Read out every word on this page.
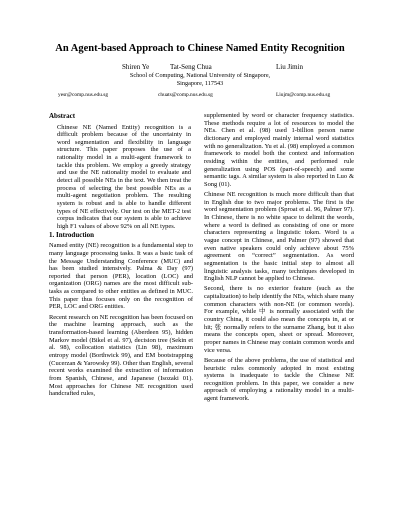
An Agent-based Approach to Chinese Named Entity Recognition
Shiren Ye	Tat-Seng Chua	Liu Jimin
School of Computing, National University of Singapore,
Singapore, 117543
yesr@comp.nus.edu.sg	chuats@comp.nus.edu.sg	Liujm@comp.nus.edu.sg

Abstract

Chinese NE (Named Entity) recognition is a difficult problem because of the uncertainty in word segmentation and flexibility in language structure. This paper proposes the use of a rationality model in a multi-agent framework to tackle this problem. We employ a greedy strategy and use the NE rationality model to evaluate and detect all possible NEs in the text. We then treat the process of selecting the best possible NEs as a multi-agent negotiation problem. The resulting system is robust and is able to handle different types of NE effectively. Our test on the MET-2 test corpus indicates that our system is able to achieve high F1 values of above 92% on all NE types.

1. Introduction

Named entity (NE) recognition is a fundamental step to many language processing tasks. It was a basic task of the Message Understanding Conference (MUC) and has been studied intensively. Palma & Day (97) reported that person (PER), location (LOC) and organization (ORG) names are the most difficult sub-tasks as compared to other entities as defined in MUC. This paper thus focuses only on the recognition of PER, LOC and ORG entities.

Recent research on NE recognition has been focused on the machine learning approach, such as the transformation-based learning (Aberdeen 95), hidden Markov model (Bikel et al. 97), decision tree (Sekin et al. 98), collocation statistics (Lin 98), maximum entropy model (Borthwick 99), and EM bootstrapping (Cucerzan & Yarowsky 99). Other than English, several recent works examined the extraction of information from Spanish, Chinese, and Japanese (Isozaki 01). Most approaches for Chinese NE recognition used handcrafted rules,

supplemented by word or character frequency statistics. These methods require a lot of resources to model the NEs. Chen et al. (98) used 1-billion person name dictionary and employed mainly internal word statistics with no generalization. Yu et al. (98) employed a common framework to model both the context and information residing within the entities, and performed rule generalization using POS (part-of-speech) and some semantic tags. A similar system is also reported in Luo & Song (01).

Chinese NE recognition is much more difficult than that in English due to two major problems. The first is the word segmentation problem (Sproat et al. 96, Palmer 97). In Chinese, there is no white space to delimit the words, where a word is defined as consisting of one or more characters representing a linguistic token. Word is a vague concept in Chinese, and Palmer (97) showed that even native speakers could only achieve about 75% agreement on “correct” segmentation. As word segmentation is the basic initial step to almost all linguistic analysis tasks, many techniques developed in English NLP cannot be applied to Chinese.

Second, there is no exterior feature (such as the capitalization) to help identify the NEs, which share many common characters with non-NE (or common words). For example, while 中 is normally associated with the country China, it could also mean the concepts in, at or hit; 张 normally refers to the surname Zhang, but it also means the concepts open, sheet or spread. Moreover, proper names in Chinese may contain common words and vice versa.

Because of the above problems, the use of statistical and heuristic rules commonly adopted in most existing systems is inadequate to tackle the Chinese NE recognition problem. In this paper, we consider a new approach of employing a rationality model in a multi-agent framework.
